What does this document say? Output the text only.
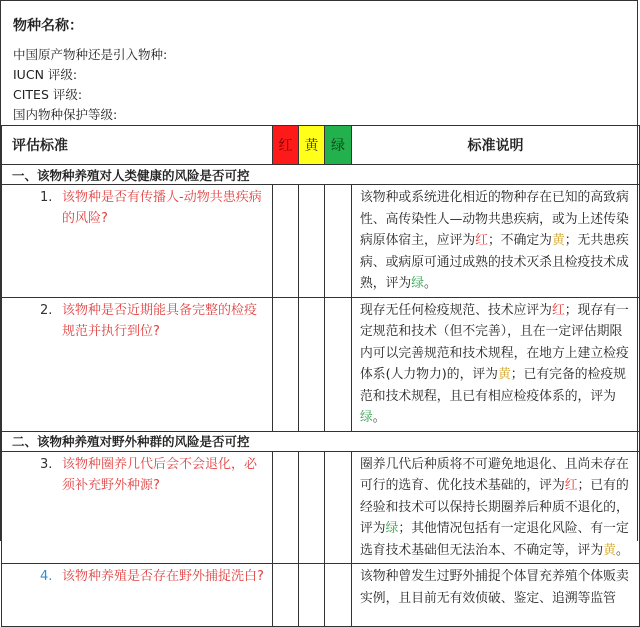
物种名称：
中国原产物种还是引入物种:
IUCN 评级:
CITES 评级:
国内物种保护等级:
评估标准	红	黄	绿	标准说明
一、该物种养殖对人类健康的风险是否可控				

1. 该物种是否有传播人-动物共患疾病的风险?				该物种或系统进化相近的物种存在已知的高致病性、高传染性人—动物共患疾病，或为上述传染病原体宿主，应评为红；不确定为黄；无共患疾病、或病原可通过成熟的技术灭杀且检疫技术成熟，评为绿。

2. 该物种是否近期能具备完整的检疫规范并执行到位?				现存无任何检疫规范、技术应评为红；现存有一定规范和技术（但不完善），且在一定评估期限内可以完善规范和技术规程，在地方上建立检疫体系(人力物力)的，评为黄；已有完备的检疫规范和技术规程，且已有相应检疫体系的，评为绿。
二、该物种养殖对野外种群的风险是否可控				

3. 该物种圈养几代后会不会退化，必须补充野外种源?				圈养几代后种质将不可避免地退化、且尚未存在可行的选育、优化技术基础的，评为红；已有的经验和技术可以保持长期圈养后种质不退化的，评为绿；其他情况包括有一定退化风险、有一定选育技术基础但无法治本、不确定等，评为黄。

4. 该物种养殖是否存在野外捕捉洗白?				该物种曾发生过野外捕捉个体冒充养殖个体贩卖实例，且目前无有效侦破、鉴定、追溯等监管
